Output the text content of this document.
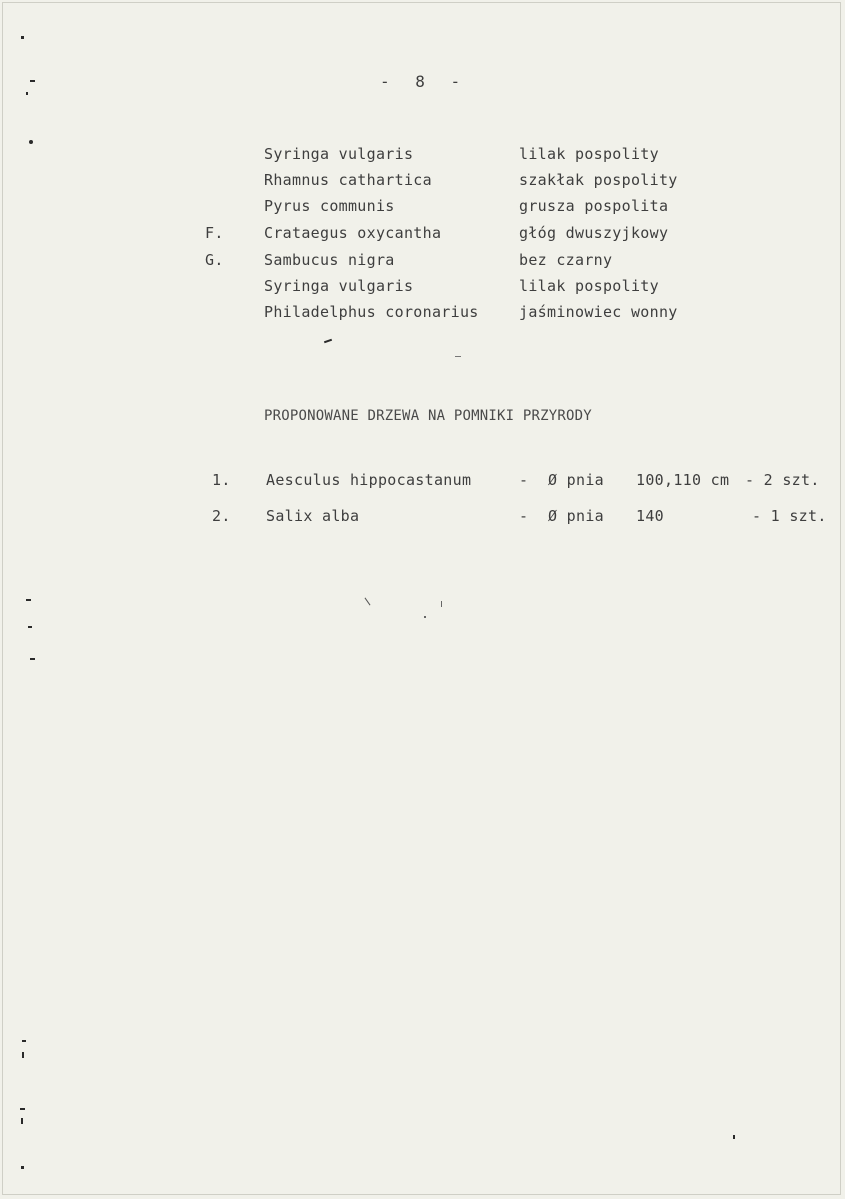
- 8 -
Syringa vulgaris	lilak pospolity
Rhamnus cathartica	szakłak pospolity
Pyrus communis	grusza pospolita
F.	Crataegus oxycantha	głóg dwuszyjkowy
G.	Sambucus nigra	bez czarny
Syringa vulgaris	lilak pospolity
Philadelphus coronarius	jaśminowiec wonny
PROPONOWANE DRZEWA NA POMNIKI PRZYRODY
1. Aesculus hippocastanum	- Ø pnia 100,110 cm - 2 szt.
2. Salix alba	- Ø pnia 140	- 1 szt.
